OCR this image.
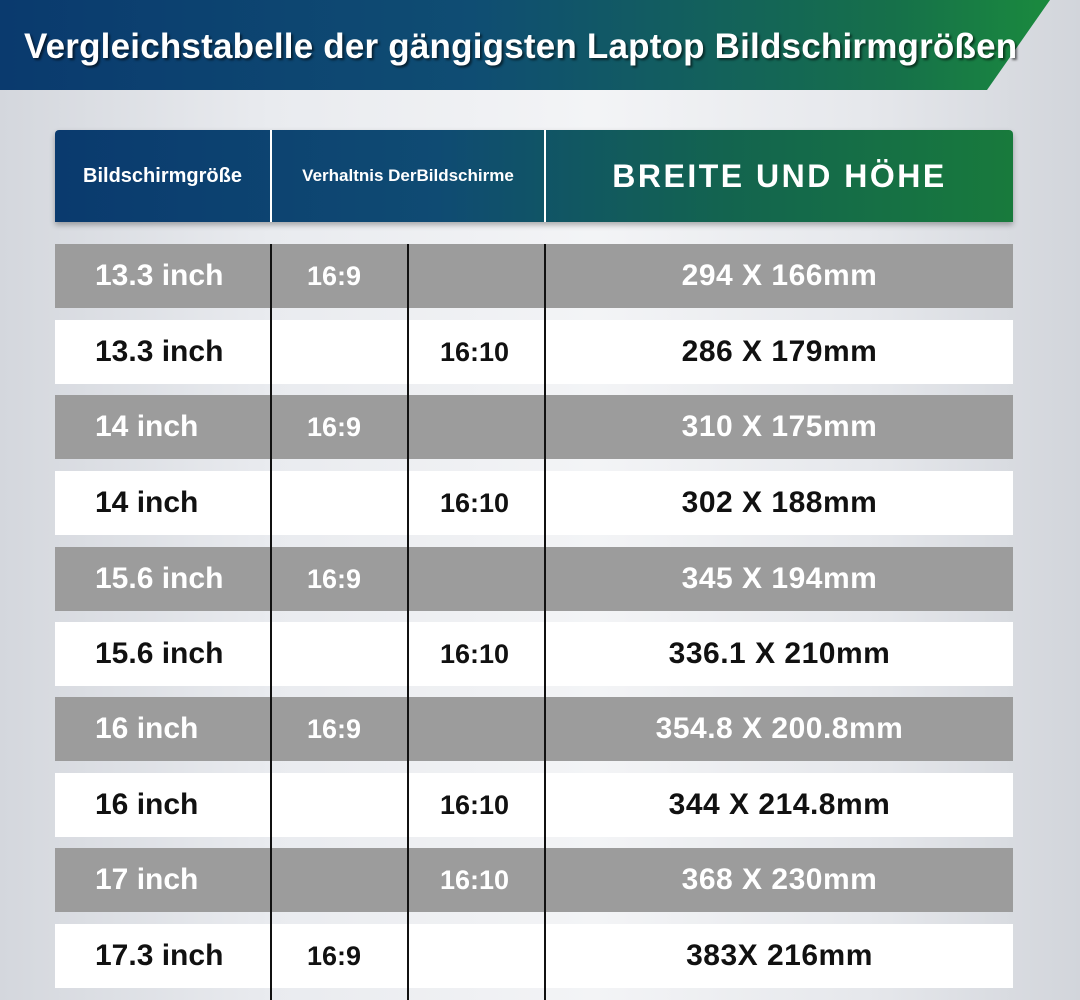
Vergleichstabelle der gängigsten Laptop Bildschirmgrößen
Bildschirmgröße	Verhaltnis DerBildschirme	BREITE UND HÖHE
13.3 inch	16:9	294 X 166mm
13.3 inch	16:10	286 X 179mm
14 inch	16:9	310 X 175mm
14 inch	16:10	302 X 188mm
15.6 inch	16:9	345 X 194mm
15.6 inch	16:10	336.1 X 210mm
16 inch	16:9	354.8 X 200.8mm
16 inch	16:10	344 X 214.8mm
17 inch	16:10	368 X 230mm
17.3 inch	16:9	383X 216mm
